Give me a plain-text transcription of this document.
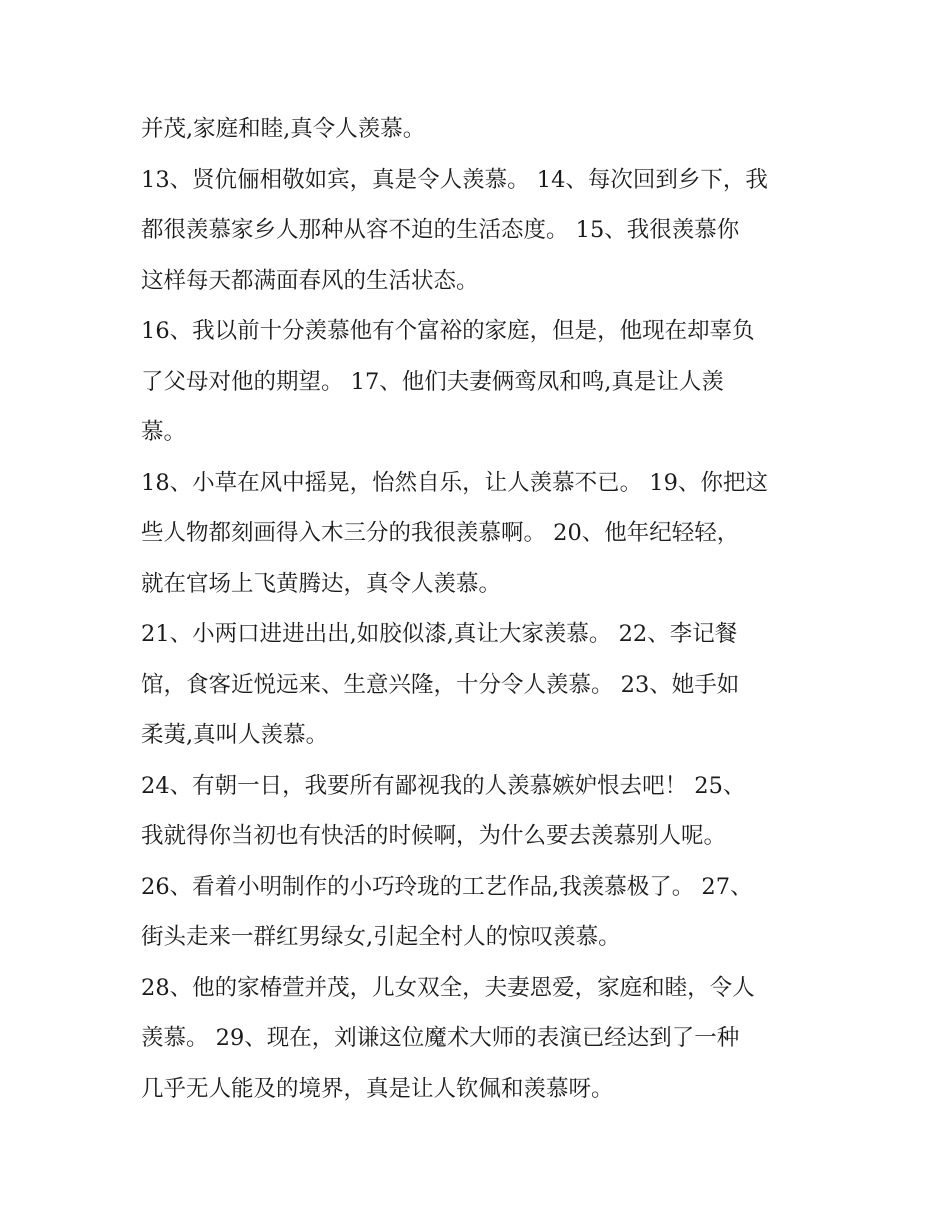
并茂,家庭和睦,真令人羡慕。
13、贤伉俪相敬如宾，真是令人羡慕。 14、每次回到乡下，我
都很羡慕家乡人那种从容不迫的生活态度。 15、我很羡慕你
这样每天都满面春风的生活状态。
16、我以前十分羡慕他有个富裕的家庭，但是，他现在却辜负
了父母对他的期望。 17、他们夫妻俩鸾凤和鸣,真是让人羡
慕。
18、小草在风中摇晃，怡然自乐，让人羡慕不已。 19、你把这
些人物都刻画得入木三分的我很羡慕啊。 20、他年纪轻轻，
就在官场上飞黄腾达，真令人羡慕。
21、小两口进进出出,如胶似漆,真让大家羡慕。 22、李记餐
馆，食客近悦远来、生意兴隆，十分令人羡慕。 23、她手如
柔荑,真叫人羡慕。
24、有朝一日，我要所有鄙视我的人羡慕嫉妒恨去吧！ 25、
我就得你当初也有快活的时候啊，为什么要去羡慕别人呢。
26、看着小明制作的小巧玲珑的工艺作品,我羡慕极了。 27、
街头走来一群红男绿女,引起全村人的惊叹羡慕。
28、他的家椿萱并茂，儿女双全，夫妻恩爱，家庭和睦，令人
羡慕。 29、现在，刘谦这位魔术大师的表演已经达到了一种
几乎无人能及的境界，真是让人钦佩和羡慕呀。
